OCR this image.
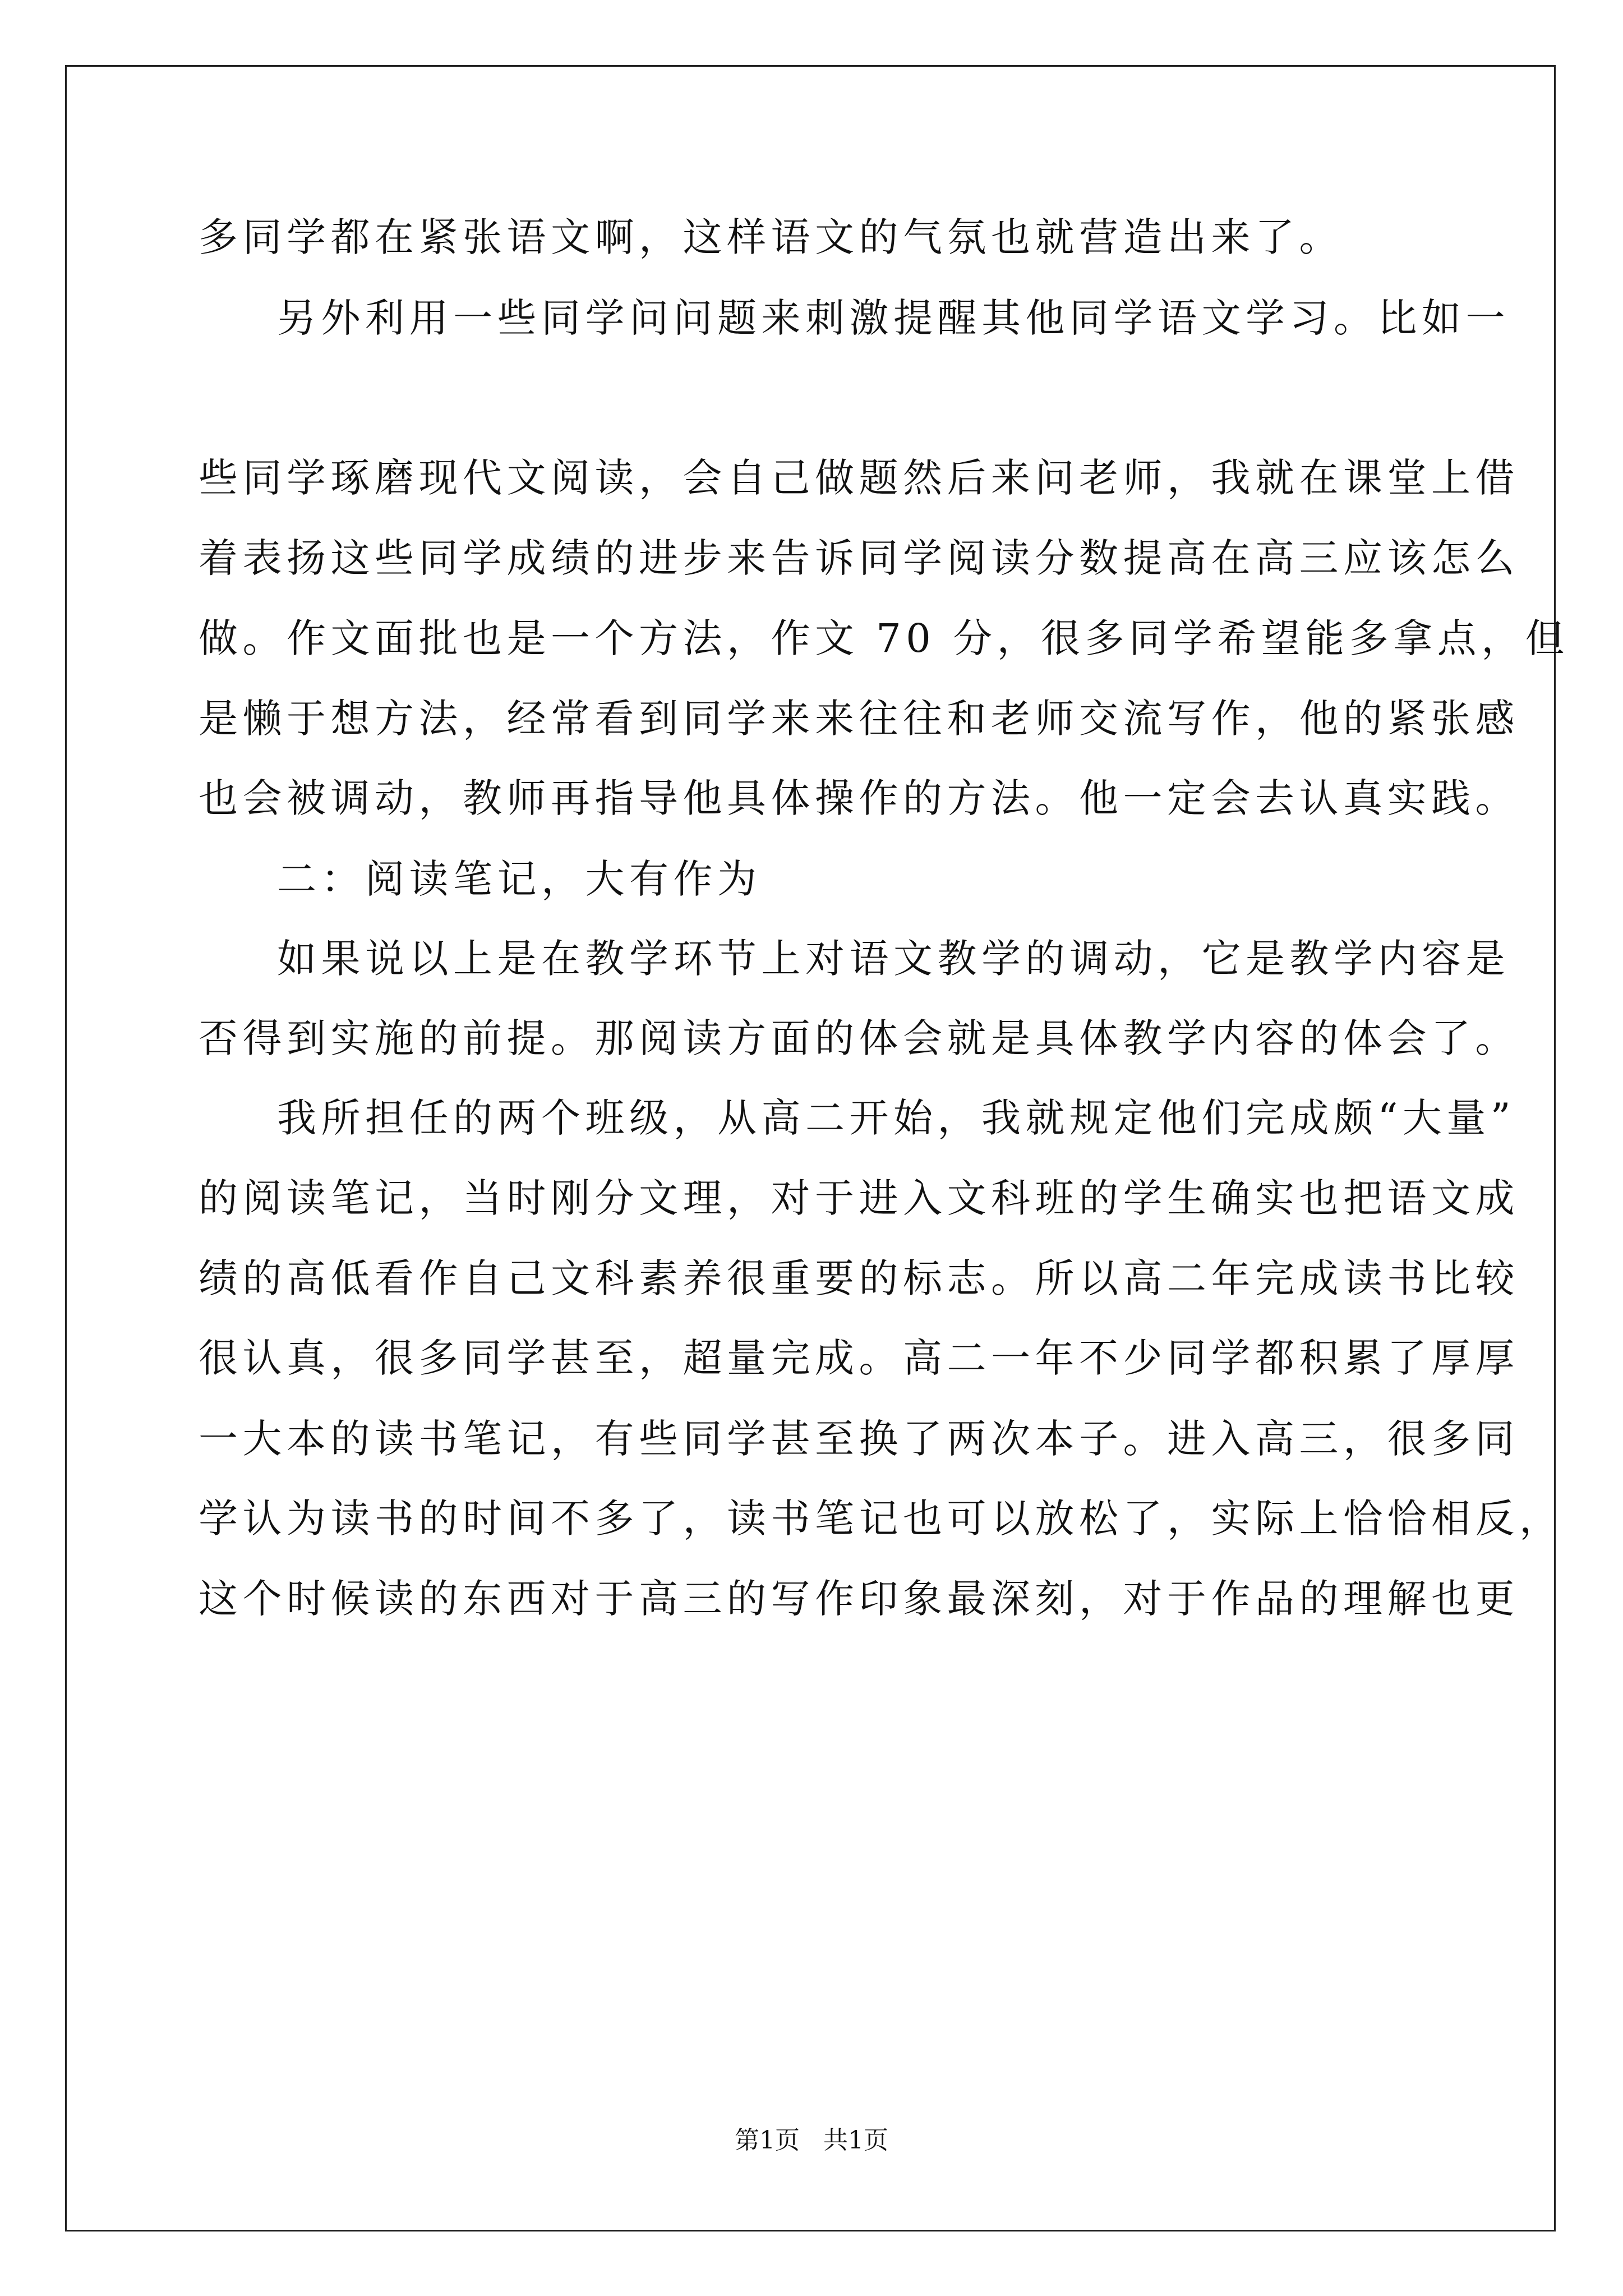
多同学都在紧张语文啊，这样语文的气氛也就营造出来了。

另外利用一些同学问问题来刺激提醒其他同学语文学习。比如一

些同学琢磨现代文阅读，会自己做题然后来问老师，我就在课堂上借

着表扬这些同学成绩的进步来告诉同学阅读分数提高在高三应该怎么

做。作文面批也是一个方法，作文 70 分，很多同学希望能多拿点，但

是懒于想方法，经常看到同学来来往往和老师交流写作，他的紧张感

也会被调动，教师再指导他具体操作的方法。他一定会去认真实践。

二：阅读笔记，大有作为

如果说以上是在教学环节上对语文教学的调动，它是教学内容是

否得到实施的前提。那阅读方面的体会就是具体教学内容的体会了。

我所担任的两个班级，从高二开始，我就规定他们完成颇“大量”

的阅读笔记，当时刚分文理，对于进入文科班的学生确实也把语文成

绩的高低看作自己文科素养很重要的标志。所以高二年完成读书比较

很认真，很多同学甚至，超量完成。高二一年不少同学都积累了厚厚

一大本的读书笔记，有些同学甚至换了两次本子。进入高三，很多同

学认为读书的时间不多了，读书笔记也可以放松了，实际上恰恰相反，

这个时候读的东西对于高三的写作印象最深刻，对于作品的理解也更

第1页   共1页
